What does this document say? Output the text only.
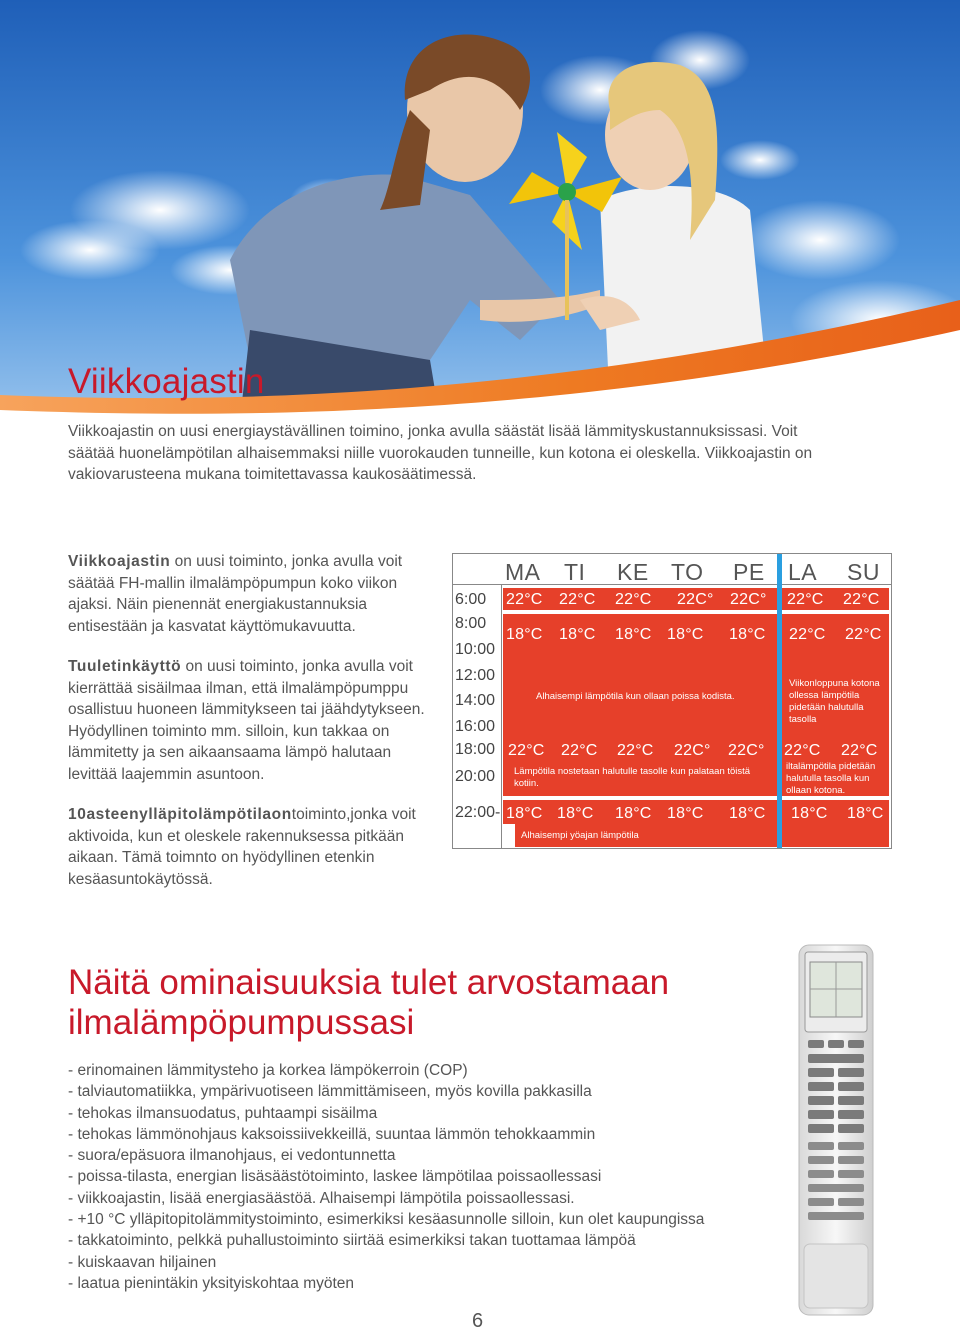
Viikkoajastin

Viikkoajastin on uusi energiaystävällinen toimino, jonka avulla säästät lisää lämmityskustannuksissasi. Voit säätää huonelämpötilan alhaisemmaksi niille vuorokauden tunneille, kun kotona ei oleskella. Viikkoajastin on vakiovarusteena mukana toimitettavassa kaukosäätimessä.

Viikkoajastin on uusi toiminto, jonka avulla voit säätää FH-mallin ilmalämpöpumpun koko viikon ajaksi. Näin pienennät energiakustannuksia entisestään ja kasvatat käyttömukavuutta.

Tuuletinkäyttö on uusi toiminto, jonka avulla voit kierrättää sisäilmaa ilman, että ilmalämpöpumppu osallistuu huoneen lämmitykseen tai jäähdytykseen. Hyödyllinen toiminto mm. silloin, kun takkaa on lämmitetty ja sen aikaansaama lämpö halutaan levittää laajemmin asuntoon.

10asteenylläpitolämpötilaontoiminto,jonka voit aktivoida, kun et oleskele rakennuksessa pitkään aikaan. Tämä toimnto on hyödyllinen etenkin kesäasuntokäytössä.

MA TI KE TO PE LA SU
6:00
8:00
10:00
12:00
14:00
16:00
18:00
20:00
22:00-
22°C 22°C 22°C 22C° 22C° 22°C 22°C
18°C 18°C 18°C 18°C 18°C 22°C 22°C
Alhaisempi lämpötila kun ollaan poissa kodista.
Viikonloppuna kotona ollessa lämpötila pidetään halutulla tasolla
22°C 22°C 22°C 22C° 22C° 22°C 22°C
Lämpötila nostetaan halutulle tasolle kun palataan töistä kotiin.
iltalämpötila pidetään halutulla tasolla kun ollaan kotona.
18°C 18°C 18°C 18°C 18°C 18°C 18°C
Alhaisempi yöajan lämpötila
Näitä ominaisuuksia tulet arvostamaan
ilmalämpöpumpussasi
- erinomainen lämmitysteho ja korkea lämpökerroin (COP)
- talviautomatiikka, ympärivuotiseen lämmittämiseen, myös kovilla pakkasilla
- tehokas ilmansuodatus, puhtaampi sisäilma
- tehokas lämmönohjaus kaksoissiivekkeillä, suuntaa lämmön tehokkaammin
- suora/epäsuora ilmanohjaus, ei vedontunnetta
- poissa-tilasta, energian lisäsäästötoiminto, laskee lämpötilaa poissaollessasi
- viikkoajastin, lisää energiasäästöä. Alhaisempi lämpötila poissaollessasi.
- +10 °C ylläpitopitolämmitystoiminto, esimerkiksi kesäasunnolle silloin, kun olet kaupungissa
- takkatoiminto, pelkkä puhallustoiminto siirtää esimerkiksi takan tuottamaa lämpöä
- kuiskaavan hiljainen
- laatua pienintäkin yksityiskohtaa myöten
6
